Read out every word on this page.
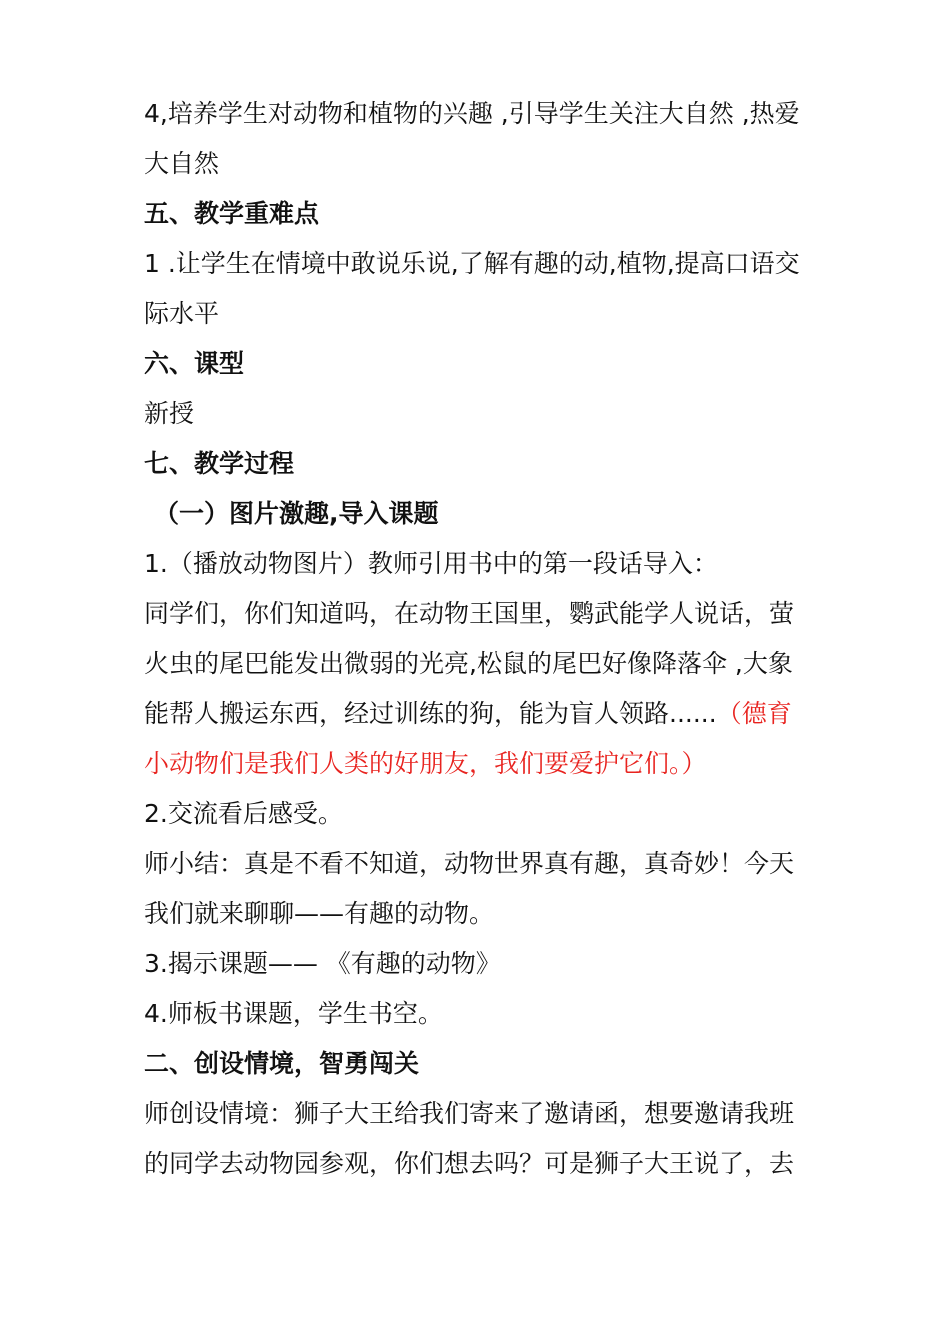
4,培养学生对动物和植物的兴趣 ,引导学生关注大自然 ,热爱
大自然
五、教学重难点
1 .让学生在情境中敢说乐说,了解有趣的动,植物,提高口语交
际水平
六、课型
新授
七、教学过程
（一）图片激趣,导入课题
1.（播放动物图片）教师引用书中的第一段话导入：
同学们，你们知道吗，在动物王国里，鹦武能学人说话，萤
火虫的尾巴能发出微弱的光亮,松鼠的尾巴好像降落伞 ,大象
能帮人搬运东西，经过训练的狗，能为盲人领路......（德育
小动物们是我们人类的好朋友，我们要爱护它们。）
2.交流看后感受。
师小结：真是不看不知道，动物世界真有趣，真奇妙！今天
我们就来聊聊——有趣的动物。
3.揭示课题—— 《有趣的动物》
4.师板书课题，学生书空。
二、创设情境，智勇闯关
师创设情境：狮子大王给我们寄来了邀请函，想要邀请我班
的同学去动物园参观，你们想去吗？可是狮子大王说了，去
